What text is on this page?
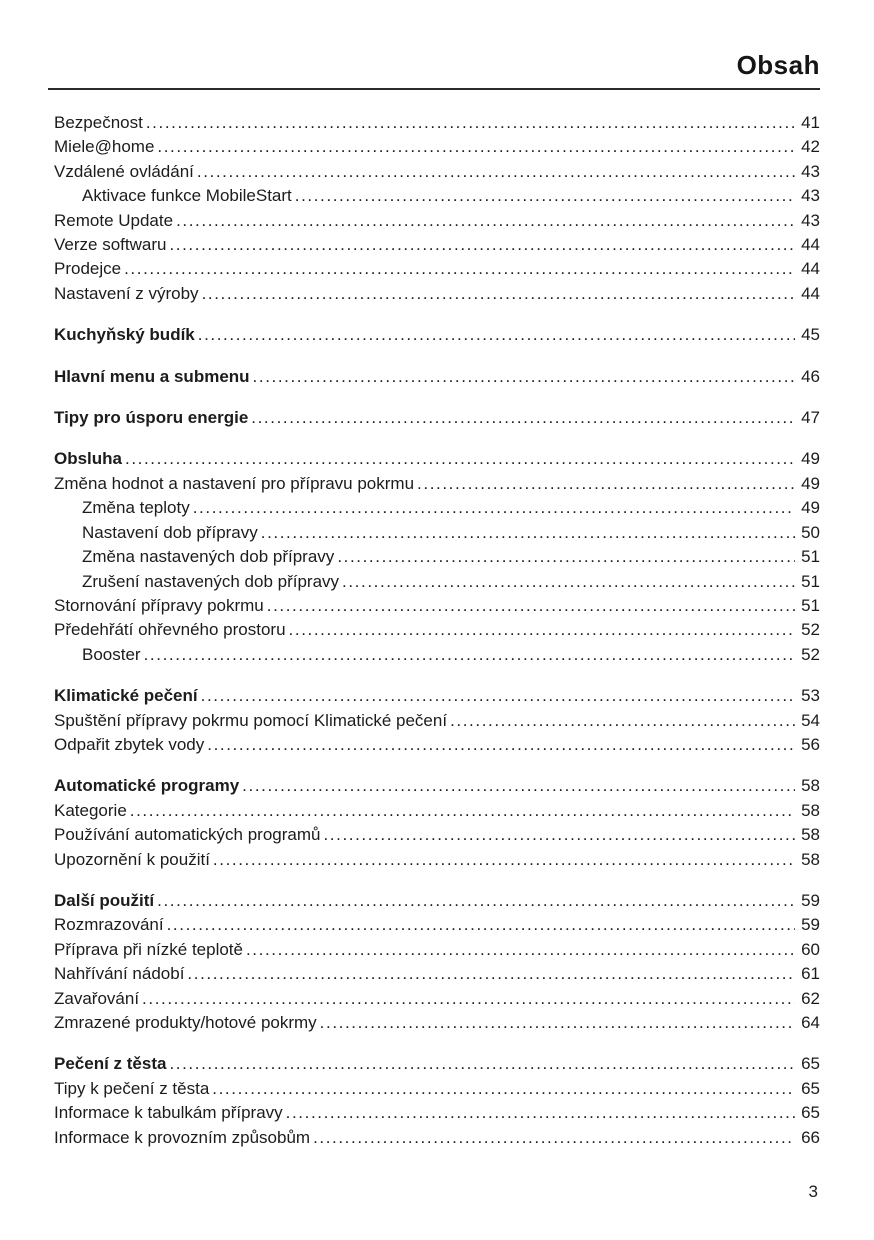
Obsah
Bezpečnost .....	41
Miele@home .....	42
Vzdálené ovládání .....	43
Aktivace funkce MobileStart .....	43
Remote Update .....	43
Verze softwaru .....	44
Prodejce .....	44
Nastavení z výroby .....	44
Kuchyňský budík .....	45
Hlavní menu a submenu .....	46
Tipy pro úsporu energie .....	47
Obsluha .....	49
Změna hodnot a nastavení pro přípravu pokrmu .....	49
Změna teploty .....	49
Nastavení dob přípravy .....	50
Změna nastavených dob přípravy .....	51
Zrušení nastavených dob přípravy .....	51
Stornování přípravy pokrmu .....	51
Předehřátí ohřevného prostoru .....	52
Booster .....	52
Klimatické pečení .....	53
Spuštění přípravy pokrmu pomocí Klimatické pečení .....	54
Odpařit zbytek vody .....	56
Automatické programy .....	58
Kategorie .....	58
Používání automatických programů .....	58
Upozornění k použití .....	58
Další použití .....	59
Rozmrazování .....	59
Příprava při nízké teplotě .....	60
Nahřívání nádobí .....	61
Zavařování .....	62
Zmrazené produkty/hotové pokrmy .....	64
Pečení z těsta .....	65
Tipy k pečení z těsta .....	65
Informace k tabulkám přípravy .....	65
Informace k provozním způsobům .....	66
3
